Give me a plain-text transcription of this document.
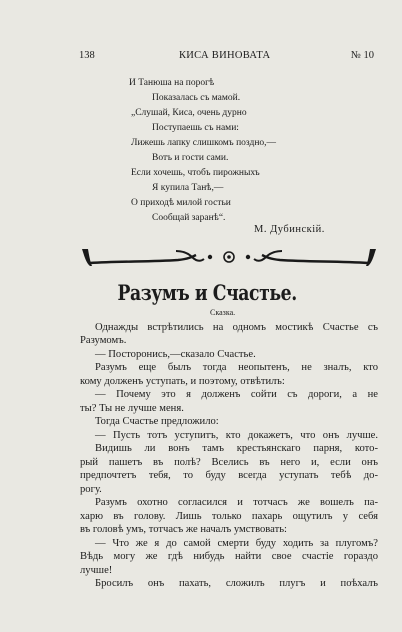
138	КИСА ВИНОВАТА	№ 10
И Танюша на порогѣ
Показалась съ мамой.
„Слушай, Киса, очень дурно
Поступаешь съ нами:
Лижешь лапку слишкомъ поздно,—
Вотъ и гости сами.
Если хочешь, чтобъ пирожныхъ
Я купила Танѣ,—
О приходѣ милой гостьи
Сообщай заранѣ“.
М. Дубинскій.
Разумъ и Счастье.
Сказка.
Однажды встрѣтились на одномъ мостикѣ Счастье съ
Разумомъ.
— Посторонись,—сказало Счастье.
Разумъ еще былъ тогда неопытенъ, не зналъ, кто
кому долженъ уступать, и поэтому, отвѣтилъ:
— Почему это я долженъ сойти съ дороги, а не
ты? Ты не лучше меня.
Тогда Счастье предложило:
— Пусть тотъ уступитъ, кто докажетъ, что онъ лучше.
Видишь ли вонъ тамъ крестьянскаго парня, кото-
рый пашетъ въ полѣ? Вселись въ него и, если онъ
предпочтетъ тебя, то буду всегда уступать тебѣ до-
рогу.
Разумъ охотно согласился и тотчасъ же вошелъ па-
харю въ голову. Лишь только пахарь ощутилъ у себя
въ головѣ умъ, тотчасъ же началъ умствовать:
— Что же я до самой смерти буду ходить за плугомъ?
Вѣдь могу же гдѣ нибудь найти свое счастіе гораздо
лучше!
Бросилъ онъ пахать, сложилъ плугъ и поѣхалъ
